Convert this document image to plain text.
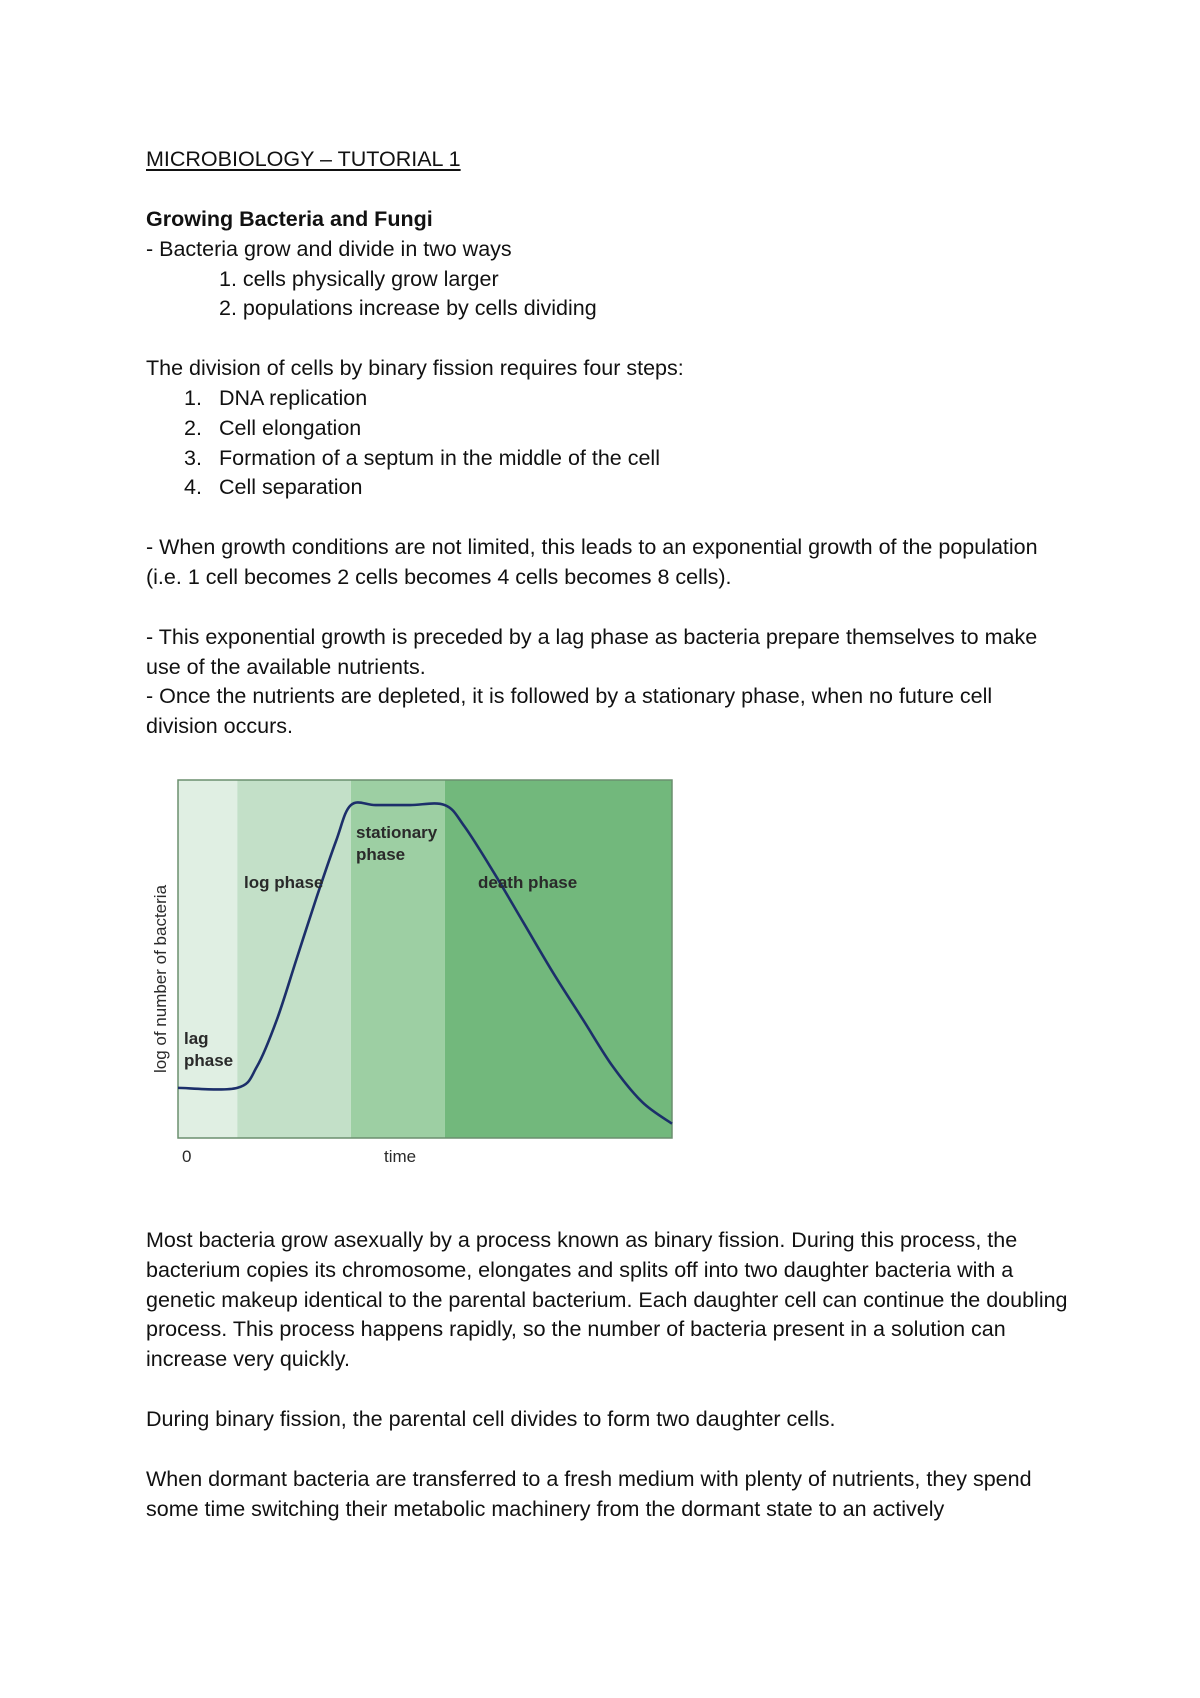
MICROBIOLOGY – TUTORIAL 1
Growing Bacteria and Fungi
- Bacteria grow and divide in two ways
1. cells physically grow larger
2. populations increase by cells dividing
The division of cells by binary fission requires four steps:
1. DNA replication
2. Cell elongation
3. Formation of a septum in the middle of the cell
4. Cell separation

- When growth conditions are not limited, this leads to an exponential growth of the population (i.e. 1 cell becomes 2 cells becomes 4 cells becomes 8 cells).

- This exponential growth is preceded by a lag phase as bacteria prepare themselves to make use of the available nutrients.

- Once the nutrients are depleted, it is followed by a stationary phase, when no future cell division occurs.

lag phase
log phase
stationary phase
death phase
log of number of bacteria
0	time

Most bacteria grow asexually by a process known as binary fission. During this process, the bacterium copies its chromosome, elongates and splits off into two daughter bacteria with a genetic makeup identical to the parental bacterium. Each daughter cell can continue the doubling process. This process happens rapidly, so the number of bacteria present in a solution can increase very quickly.

During binary fission, the parental cell divides to form two daughter cells.

When dormant bacteria are transferred to a fresh medium with plenty of nutrients, they spend some time switching their metabolic machinery from the dormant state to an actively
